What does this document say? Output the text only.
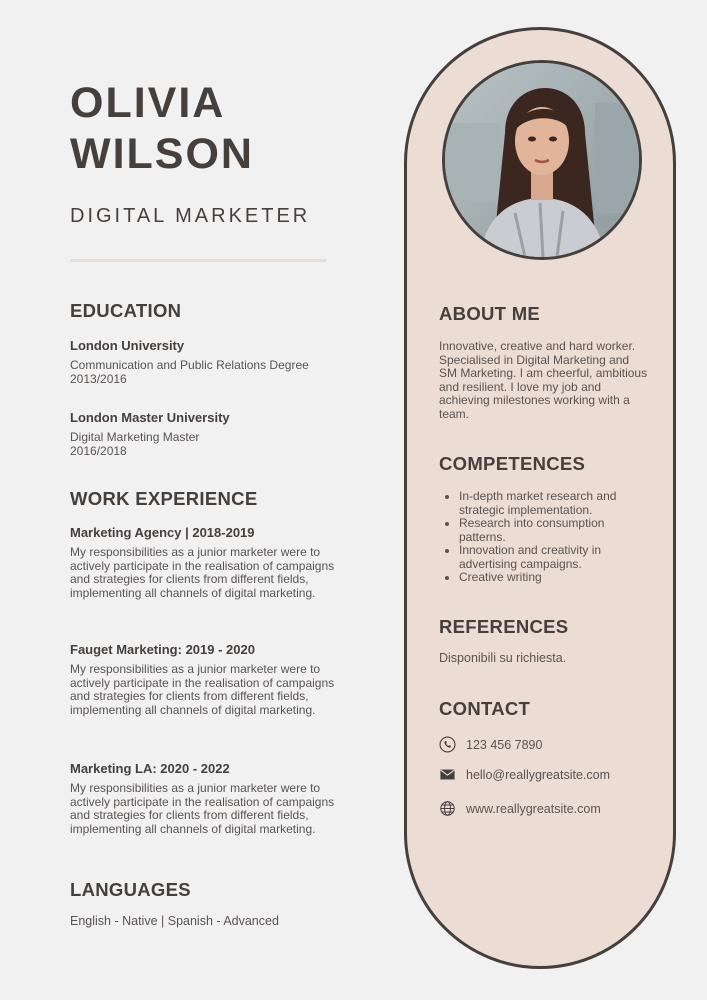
OLIVIA
WILSON
DIGITAL MARKETER
EDUCATION

London University

Communication and Public Relations Degree

2013/2016

London Master University

Digital Marketing Master

2016/2018

WORK EXPERIENCE

Marketing Agency | 2018-2019

My responsibilities as a junior marketer were to actively participate in the realisation of campaigns and strategies for clients from different fields, implementing all channels of digital marketing.

Fauget Marketing: 2019 - 2020

My responsibilities as a junior marketer were to actively participate in the realisation of campaigns and strategies for clients from different fields, implementing all channels of digital marketing.

Marketing LA: 2020 - 2022

My responsibilities as a junior marketer were to actively participate in the realisation of campaigns and strategies for clients from different fields, implementing all channels of digital marketing.

LANGUAGES
English - Native | Spanish - Advanced
ABOUT ME
Innovative, creative and hard worker. Specialised in Digital Marketing and SM Marketing. I am cheerful, ambitious and resilient. I love my job and achieving milestones working with a team.
COMPETENCES
• In-depth market research and strategic implementation.
• Research into consumption patterns.
• Innovation and creativity in advertising campaigns.
• Creative writing
REFERENCES
Disponibili su richiesta.
CONTACT
123 456 7890
hello@reallygreatsite.com
www.reallygreatsite.com
